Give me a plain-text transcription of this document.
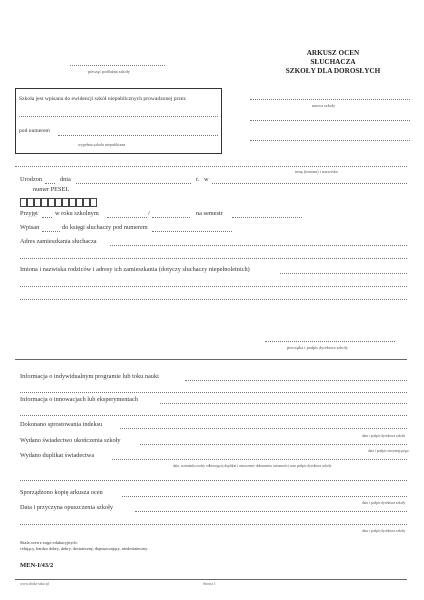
pieczęć podłużna szkoły
ARKUSZ OCEN
SŁUCHACZA
SZKOŁY DLA DOROSŁYCH
nazwa szkoły
Szkoła jest wpisana do ewidencji szkół niepublicznych prowadzonej przez
pod numerem
wypełnia szkoła niepubliczna
imię (imiona) i nazwisko
Urodzon	dnia	r. w
numer PESEL
Przyjęt	w roku szkolnym	/	na semestr
Wpisan	do księgi słuchaczy pod numerem
Adres zamieszkania słuchacza
Imiona i nazwiska rodziców i adresy ich zamieszkania (dotyczy słuchaczy niepełnoletnich)
pieczątka i podpis dyrektora szkoły
Informacja o indywidualnym programie lub toku nauki
Informacja o innowacjach lub eksperymentach
Dokonano sprostowania indeksu
data i podpis dyrektora szkoły
Wydano świadectwo ukończenia szkoły
data i podpis otrzymującego
Wydano duplikat świadectwa
data, wzmianka osoby odbierającej duplikat i oznaczenie dokumentu tożsamości oraz podpis dyrektora szkoły
Sporządzono kopię arkusza ocen
data i podpis dyrektora szkoły
Data i przyczyna opuszczenia szkoły
data i podpis dyrektora szkoły
Skala ocen z zajęć edukacyjnych:
celujący, bardzo dobry, dobry, dostateczny, dopuszczający, niedostateczny.
MEN-I/43/2
www.druki-szko.pl	Strona 1
